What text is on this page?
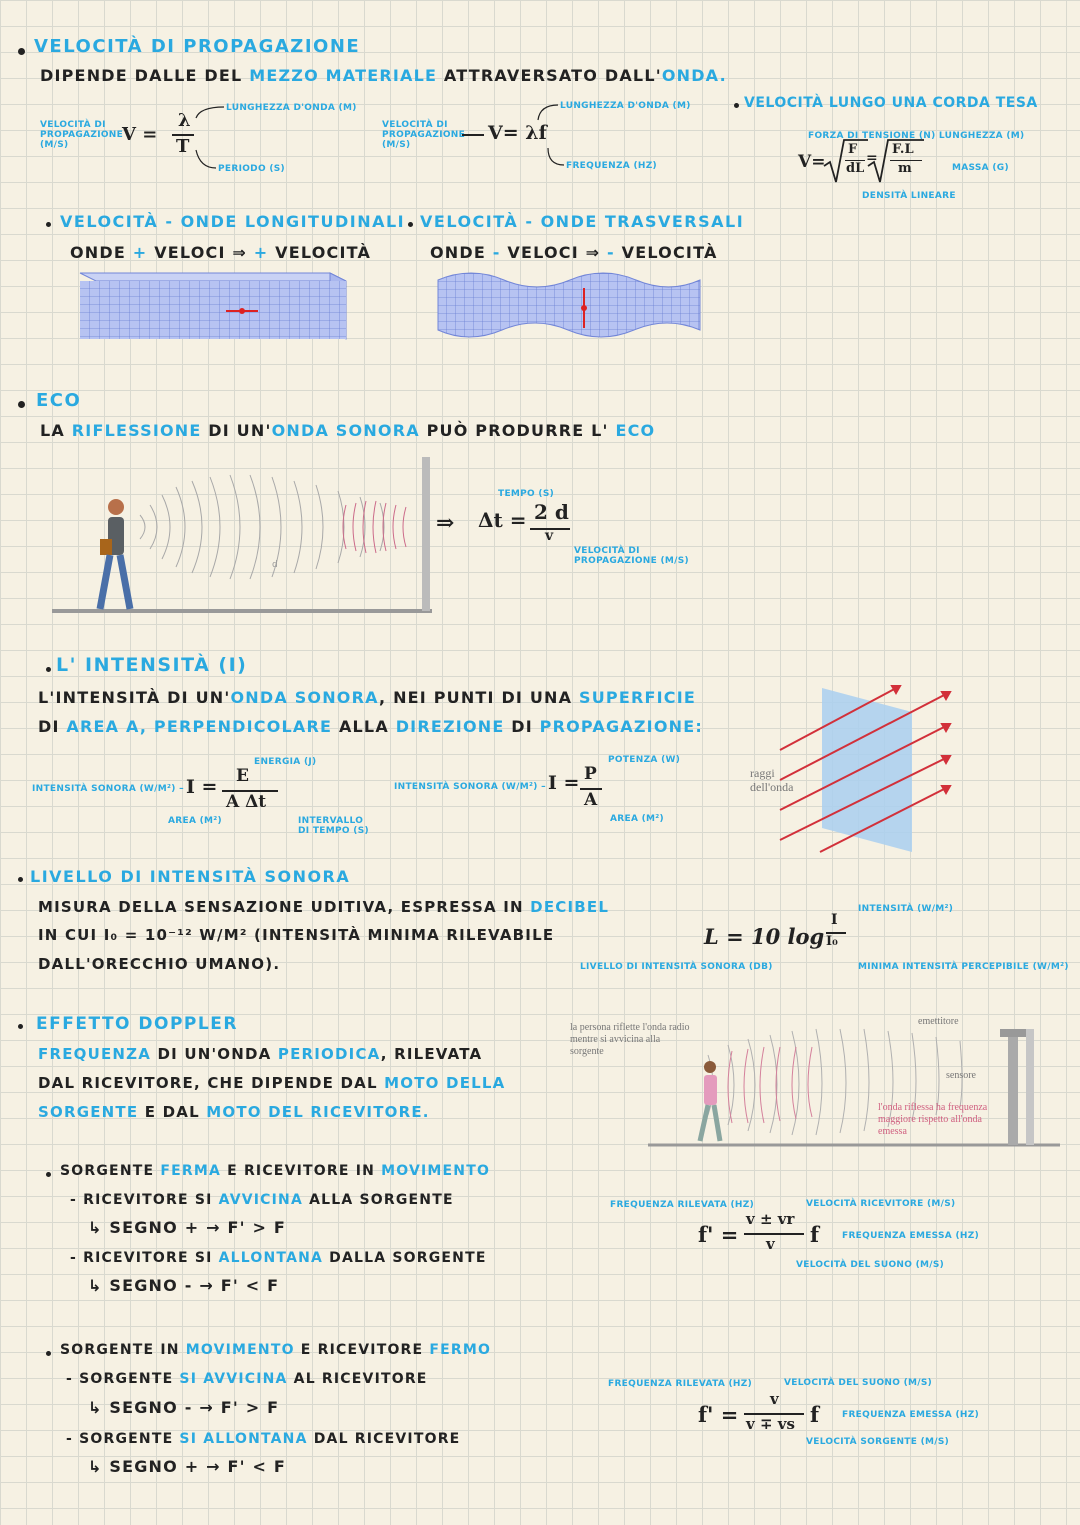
VELOCITÀ DI PROPAGAZIONE
DIPENDE DALLE DEL MEZZO MATERIALE ATTRAVERSATO DALL'ONDA.
VELOCITÀ DI PROPAGAZIONE (M/S)	V =
λ
T
LUNGHEZZA D'ONDA (M)
PERIODO (S)
VELOCITÀ DI PROPAGAZIONE (M/S)
V= λf
LUNGHEZZA D'ONDA (M)
FREQUENZA (HZ)
VELOCITÀ LUNGO UNA CORDA TESA
FORZA DI TENSIONE (N) LUNGHEZZA (M)
V=
F
dL
=
F.L
m	MASSA (G)
DENSITÀ LINEARE
VELOCITÀ - ONDE LONGITUDINALI
ONDE + VELOCI ⇒ + VELOCITÀ
VELOCITÀ - ONDE TRASVERSALI
ONDE - VELOCI ⇒ - VELOCITÀ
ECO
LA RIFLESSIONE DI UN'ONDA SONORA PUÒ PRODURRE L' ECO
d
⇒
TEMPO (S)
Δt = 2 d
v
VELOCITÀ DI PROPAGAZIONE (M/S)
L' INTENSITÀ (I)
L'INTENSITÀ DI UN'ONDA SONORA, NEI PUNTI DI UNA SUPERFICIE
DI AREA A, PERPENDICOLARE ALLA DIREZIONE DI PROPAGAZIONE:
INTENSITÀ SONORA (W/M²) – I =
ENERGIA (J)
E
A Δt
AREA (M²)	INTERVALLO DI TEMPO (S)
INTENSITÀ SONORA (W/M²) – I =
POTENZA (W)
P
A
AREA (M²)
raggi dell'onda
LIVELLO DI INTENSITÀ SONORA
MISURA DELLA SENSAZIONE UDITIVA, ESPRESSA IN DECIBEL
IN CUI I₀ = 10⁻¹² W/M² (INTENSITÀ MINIMA RILEVABILE
DALL'ORECCHIO UMANO).
L = 10 log
I
I₀
INTENSITÀ (W/M²)
LIVELLO DI INTENSITÀ SONORA (DB)	MINIMA INTENSITÀ PERCEPIBILE (W/M²)
EFFETTO DOPPLER
FREQUENZA DI UN'ONDA PERIODICA, RILEVATA
DAL RICEVITORE, CHE DIPENDE DAL MOTO DELLA
SORGENTE E DAL MOTO DEL RICEVITORE.
la persona riflette l'onda radio mentre si avvicina alla sorgente
emettitore
sensore
l'onda riflessa ha frequenza maggiore rispetto all'onda emessa
SORGENTE FERMA E RICEVITORE IN MOVIMENTO
- RICEVITORE SI AVVICINA ALLA SORGENTE
↳ SEGNO + → F' > F
- RICEVITORE SI ALLONTANA DALLA SORGENTE
↳ SEGNO - → F' < F
FREQUENZA RILEVATA (HZ)
f' =
v ± vr
v f
VELOCITÀ RICEVITORE (M/S)
FREQUENZA EMESSA (HZ)
VELOCITÀ DEL SUONO (M/S)
SORGENTE IN MOVIMENTO E RICEVITORE FERMO
- SORGENTE SI AVVICINA AL RICEVITORE
↳ SEGNO - → F' > F
- SORGENTE SI ALLONTANA DAL RICEVITORE
↳ SEGNO + → F' < F
FREQUENZA RILEVATA (HZ)
f' =
v
v ∓ vs f
VELOCITÀ DEL SUONO (M/S)
FREQUENZA EMESSA (HZ)
VELOCITÀ SORGENTE (M/S)
